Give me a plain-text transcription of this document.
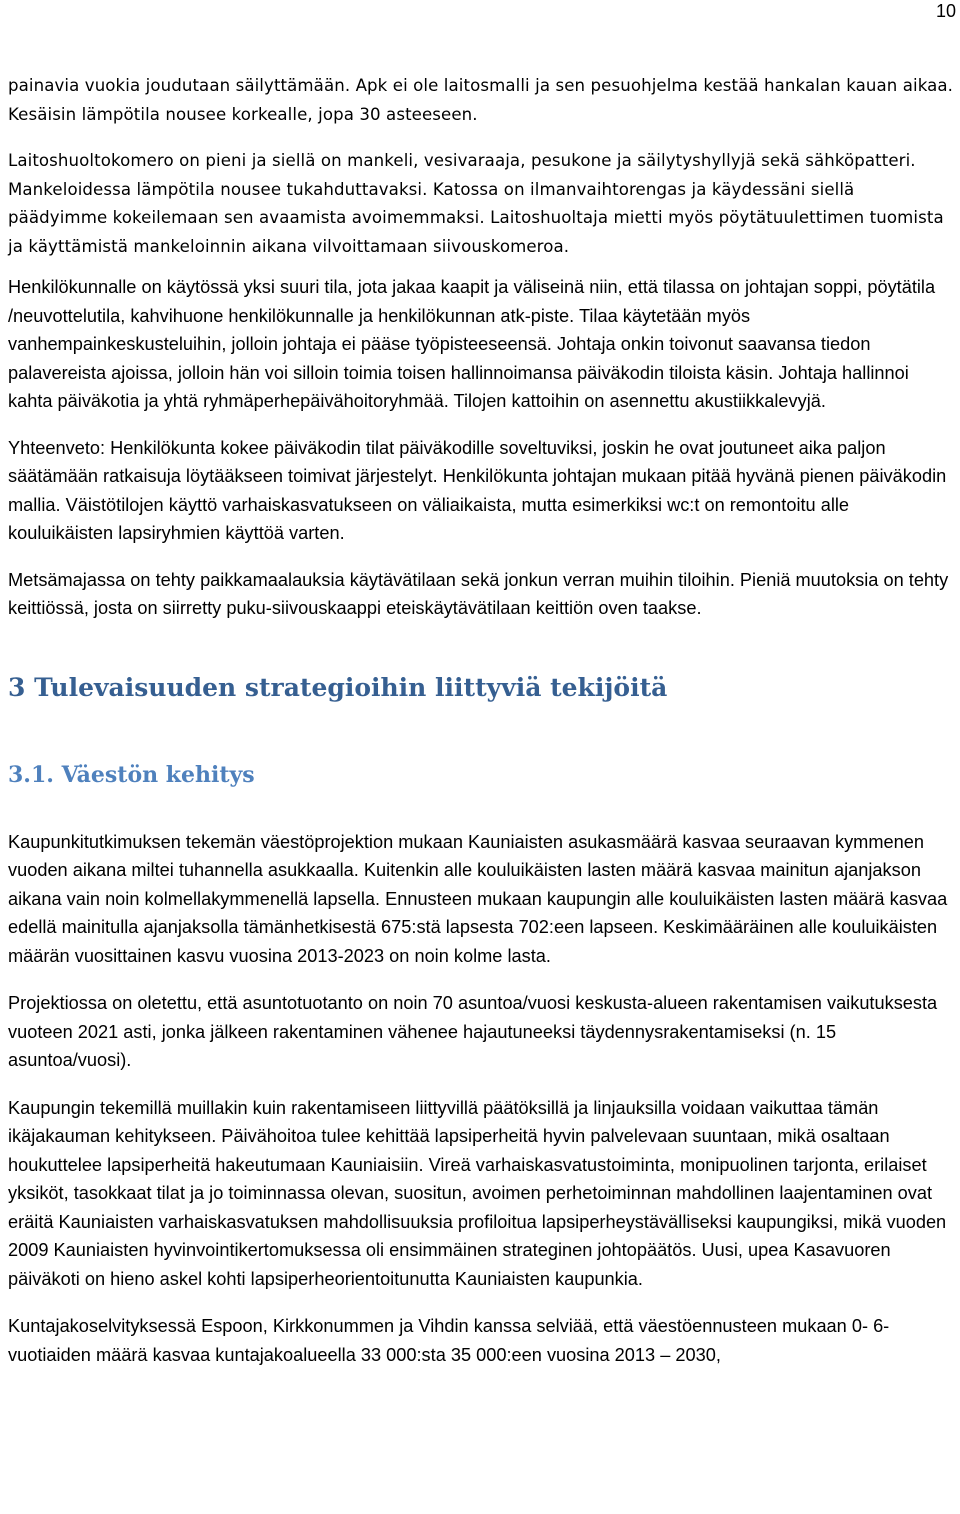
10

painavia vuokia joudutaan säilyttämään. Apk ei ole laitosmalli ja sen pesuohjelma kestää hankalan kauan aikaa. Kesäisin lämpötila nousee korkealle, jopa 30 asteeseen.

Laitoshuoltokomero on pieni ja siellä on mankeli, vesivaraaja, pesukone ja säilytyshyllyjä sekä sähköpatteri. Mankeloidessa lämpötila nousee tukahduttavaksi. Katossa on ilmanvaihtorengas ja käydessäni siellä päädyimme kokeilemaan sen avaamista avoimemmaksi. Laitoshuoltaja mietti myös pöytätuulettimen tuomista ja käyttämistä mankeloinnin aikana vilvoittamaan siivouskomeroa.

Henkilökunnalle on käytössä yksi suuri tila, jota jakaa kaapit ja väliseinä niin, että tilassa on johtajan soppi, pöytätila /neuvottelutila, kahvihuone henkilökunnalle ja henkilökunnan atk-piste. Tilaa käytetään myös vanhempainkeskusteluihin, jolloin johtaja ei pääse työpisteeseensä. Johtaja onkin toivonut saavansa tiedon palavereista ajoissa, jolloin hän voi silloin toimia toisen hallinnoimansa päiväkodin tiloista käsin. Johtaja hallinnoi kahta päiväkotia ja yhtä ryhmäperhepäivähoitoryhmää. Tilojen kattoihin on asennettu akustiikkalevyjä.

Yhteenveto: Henkilökunta kokee päiväkodin tilat päiväkodille soveltuviksi, joskin he ovat joutuneet aika paljon säätämään ratkaisuja löytääkseen toimivat järjestelyt. Henkilökunta johtajan mukaan pitää hyvänä pienen päiväkodin mallia. Väistötilojen käyttö varhaiskasvatukseen on väliaikaista, mutta esimerkiksi wc:t on remontoitu alle kouluikäisten lapsiryhmien käyttöä varten.

Metsämajassa on tehty paikkamaalauksia käytävätilaan sekä jonkun verran muihin tiloihin. Pieniä muutoksia on tehty keittiössä, josta on siirretty puku-siivouskaappi eteiskäytävätilaan keittiön oven taakse.

3 Tulevaisuuden strategioihin liittyviä tekijöitä
3.1. Väestön kehitys

Kaupunkitutkimuksen tekemän väestöprojektion mukaan Kauniaisten asukasmäärä kasvaa seuraavan kymmenen vuoden aikana miltei tuhannella asukkaalla. Kuitenkin alle kouluikäisten lasten määrä kasvaa mainitun ajanjakson aikana vain noin kolmellakymmenellä lapsella. Ennusteen mukaan kaupungin alle kouluikäisten lasten määrä kasvaa edellä mainitulla ajanjaksolla tämänhetkisestä 675:stä lapsesta 702:een lapseen. Keskimääräinen alle kouluikäisten määrän vuosittainen kasvu vuosina 2013-2023 on noin kolme lasta.

Projektiossa on oletettu, että asuntotuotanto on noin 70 asuntoa/vuosi keskusta-alueen rakentamisen vaikutuksesta vuoteen 2021 asti, jonka jälkeen rakentaminen vähenee hajautuneeksi täydennysrakentamiseksi (n. 15 asuntoa/vuosi).

Kaupungin tekemillä muillakin kuin rakentamiseen liittyvillä päätöksillä ja linjauksilla voidaan vaikuttaa tämän ikäjakauman kehitykseen. Päivähoitoa tulee kehittää lapsiperheitä hyvin palvelevaan suuntaan, mikä osaltaan houkuttelee lapsiperheitä hakeutumaan Kauniaisiin. Vireä varhaiskasvatustoiminta, monipuolinen tarjonta, erilaiset yksiköt, tasokkaat tilat ja jo toiminnassa olevan, suositun, avoimen perhetoiminnan mahdollinen laajentaminen ovat eräitä Kauniaisten varhaiskasvatuksen mahdollisuuksia profiloitua lapsiperheystävälliseksi kaupungiksi, mikä vuoden 2009 Kauniaisten hyvinvointikertomuksessa oli ensimmäinen strateginen johtopäätös. Uusi, upea Kasavuoren päiväkoti on hieno askel kohti lapsiperheorientoitunutta Kauniaisten kaupunkia.

Kuntajakoselvityksessä Espoon, Kirkkonummen ja Vihdin kanssa selviää, että väestöennusteen mukaan 0- 6-vuotiaiden määrä kasvaa kuntajakoalueella 33 000:sta 35 000:een vuosina 2013 – 2030,
